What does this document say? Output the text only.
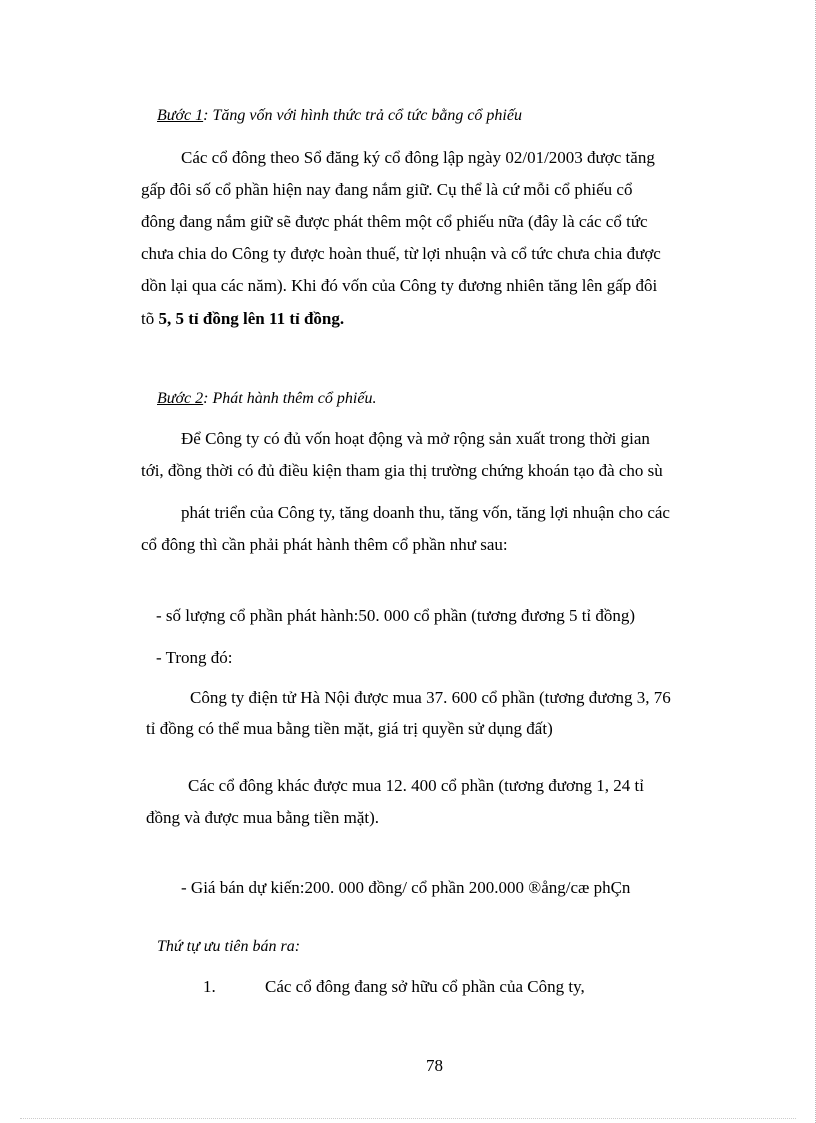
Bước 1: Tăng vốn với hình thức trả cổ tức bằng cổ phiếu
Các cổ đông theo Sổ đăng ký cổ đông lập ngày 02/01/2003 được tăng
gấp đôi số cổ phần hiện nay đang nắm giữ. Cụ thể là cứ mỗi cổ phiếu cổ
đông đang nắm giữ sẽ được phát thêm một cổ phiếu nữa (đây là các cổ tức
chưa chia do Công ty được hoàn thuế, từ lợi nhuận và cổ tức chưa chia được
dồn lại qua các năm). Khi đó vốn của Công ty đương nhiên tăng lên gấp đôi
tõ 5, 5 tỉ đồng lên 11 tỉ đồng.
Bước 2: Phát hành thêm cổ phiếu.
Để Công ty có đủ vốn hoạt động và mở rộng sản xuất trong thời gian
tới, đồng thời có đủ điều kiện tham gia thị trường chứng khoán tạo đà cho sù
phát triển của Công ty, tăng doanh thu, tăng vốn, tăng lợi nhuận cho các
cổ đông thì cần phải phát hành thêm cổ phần như sau:
- số lượng cổ phần phát hành:50. 000 cổ phần (tương đương 5 tỉ đồng)
- Trong đó:
Công ty điện tử Hà Nội được mua 37. 600 cổ phần (tương đương 3, 76
tỉ đồng có thể mua bằng tiền mặt, giá trị quyền sử dụng đất)
Các cổ đông khác được mua 12. 400 cổ phần (tương đương 1, 24 tỉ
đồng và được mua bằng tiền mặt).
- Giá bán dự kiến:200. 000 đồng/ cổ phần 200.000 ®ång/cæ phÇn
Thứ tự ưu tiên bán ra:
1.	Các cổ đông đang sở hữu cổ phần của Công ty,
78
